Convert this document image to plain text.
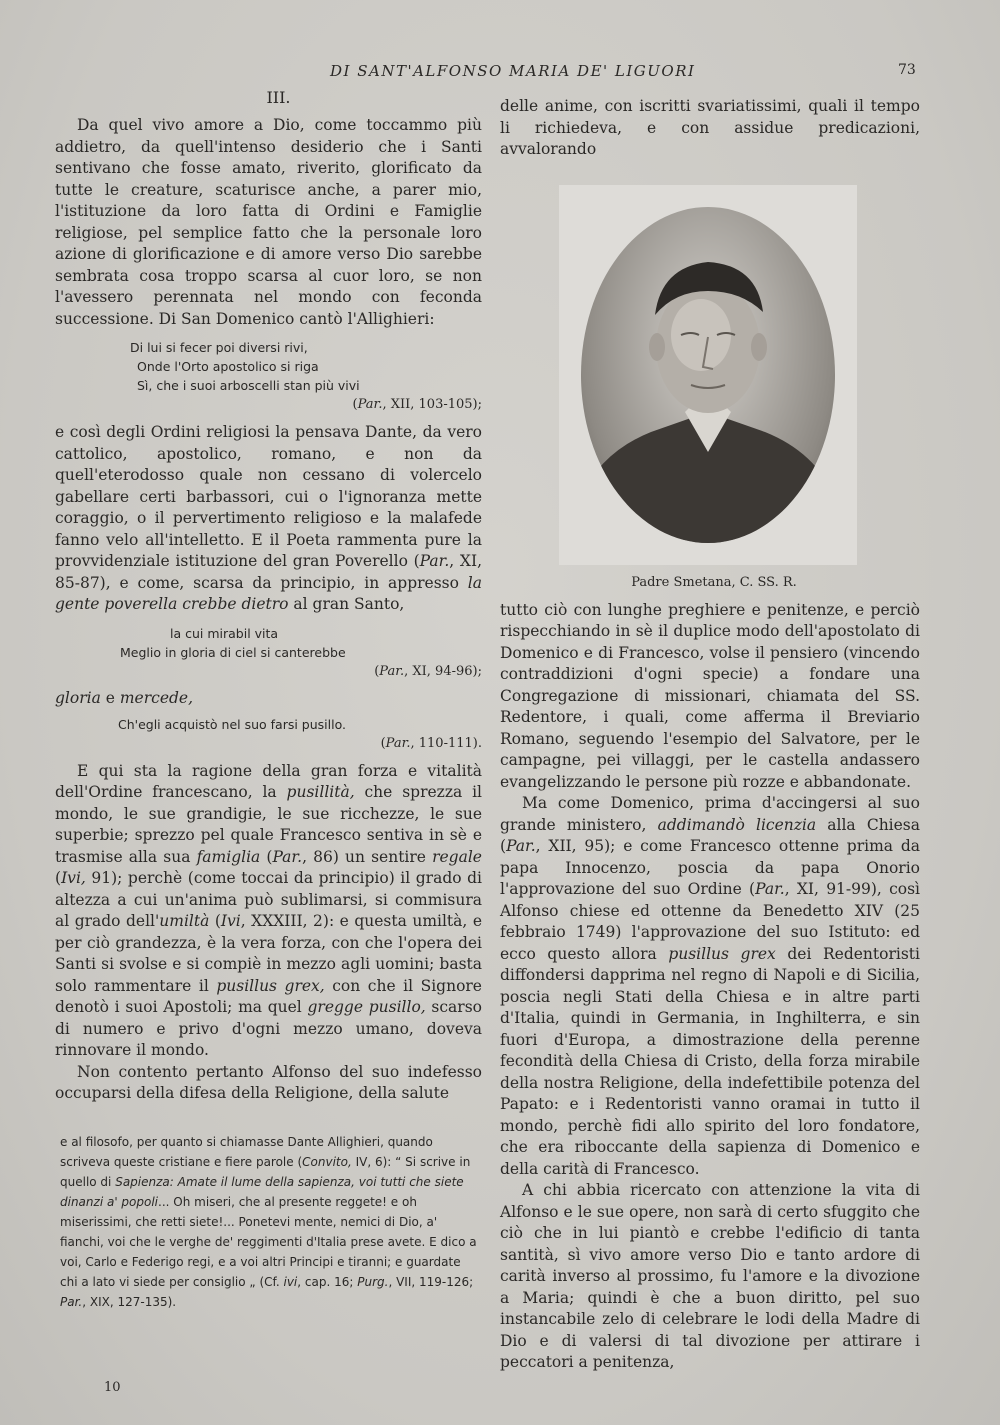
DI SANT'ALFONSO MARIA DE' LIGUORI	73
III.

Da quel vivo amore a Dio, come toccammo più addietro, da quell'intenso desiderio che i Santi sentivano che fosse amato, riverito, glorificato da tutte le creature, scaturisce anche, a parer mio, l'istituzione da loro fatta di Ordini e Famiglie religiose, pel semplice fatto che la personale loro azione di glorificazione e di amore verso Dio sarebbe sembrata cosa troppo scarsa al cuor loro, se non l'avessero perennata nel mondo con feconda successione. Di San Domenico cantò l'Allighieri:

Di lui si fecer poi diversi rivi,
Onde l'Orto apostolico si riga
Sì, che i suoi arboscelli stan più vivi
(Par., XII, 103-105);

e così degli Ordini religiosi la pensava Dante, da vero cattolico, apostolico, romano, e non da quell'eterodosso quale non cessano di volercelo gabellare certi barbassori, cui o l'ignoranza mette coraggio, o il pervertimento religioso e la malafede fanno velo all'intelletto. E il Poeta rammenta pure la provvidenziale istituzione del gran Poverello (Par., XI, 85-87), e come, scarsa da principio, in appresso la gente poverella crebbe dietro al gran Santo,

la cui mirabil vita
Meglio in gloria di ciel si canterebbe
(Par., XI, 94-96);
gloria e mercede,
Ch'egli acquistò nel suo farsi pusillo.
(Par., 110-111).

E qui sta la ragione della gran forza e vitalità dell'Ordine francescano, la pusillità, che sprezza il mondo, le sue grandigie, le sue ricchezze, le sue superbie; sprezzo pel quale Francesco sentiva in sè e trasmise alla sua famiglia (Par., 86) un sentire regale (Ivi, 91); perchè (come toccai da principio) il grado di altezza a cui un'anima può sublimarsi, si commisura al grado dell'umiltà (Ivi, XXXIII, 2): e questa umiltà, e per ciò grandezza, è la vera forza, con che l'opera dei Santi si svolse e si compiè in mezzo agli uomini; basta solo rammentare il pusillus grex, con che il Signore denotò i suoi Apostoli; ma quel gregge pusillo, scarso di numero e privo d'ogni mezzo umano, doveva rinnovare il mondo.

Non contento pertanto Alfonso del suo indefesso occuparsi della difesa della Religione, della salute

delle anime, con iscritti svariatissimi, quali il tempo li richiedeva, e con assidue predicazioni, avvalorando

Padre Smetana, C. SS. R.

tutto ciò con lunghe preghiere e penitenze, e perciò rispecchiando in sè il duplice modo dell'apostolato di Domenico e di Francesco, volse il pensiero (vincendo contraddizioni d'ogni specie) a fondare una Congregazione di missionari, chiamata del SS. Redentore, i quali, come afferma il Breviario Romano, seguendo l'esempio del Salvatore, per le campagne, pei villaggi, per le castella andassero evangelizzando le persone più rozze e abbandonate.

Ma come Domenico, prima d'accingersi al suo grande ministero, addimandò licenzia alla Chiesa (Par., XII, 95); e come Francesco ottenne prima da papa Innocenzo, poscia da papa Onorio l'approvazione del suo Ordine (Par., XI, 91-99), così Alfonso chiese ed ottenne da Benedetto XIV (25 febbraio 1749) l'approvazione del suo Istituto: ed ecco questo allora pusillus grex dei Redentoristi diffondersi dapprima nel regno di Napoli e di Sicilia, poscia negli Stati della Chiesa e in altre parti d'Italia, quindi in Germania, in Inghilterra, e sin fuori d'Europa, a dimostrazione della perenne fecondità della Chiesa di Cristo, della forza mirabile della nostra Religione, della indefettibile potenza del Papato: e i Redentoristi vanno oramai in tutto il mondo, perchè fidi allo spirito del loro fondatore, che era riboccante della sapienza di Domenico e della carità di Francesco.

A chi abbia ricercato con attenzione la vita di Alfonso e le sue opere, non sarà di certo sfuggito che ciò che in lui piantò e crebbe l'edificio di tanta santità, sì vivo amore verso Dio e tanto ardore di carità inverso al prossimo, fu l'amore e la divozione a Maria; quindi è che a buon diritto, pel suo instancabile zelo di celebrare le lodi della Madre di Dio e di valersi di tal divozione per attirare i peccatori a penitenza,

e al filosofo, per quanto si chiamasse Dante Allighieri, quando scriveva queste cristiane e fiere parole (Convito, IV, 6): “ Si scrive in quello di Sapienza: Amate il lume della sapienza, voi tutti che siete dinanzi a' popoli... Oh miseri, che al presente reggete! e oh miserissimi, che retti siete!... Ponetevi mente, nemici di Dio, a' fianchi, voi che le verghe de' reggimenti d'Italia prese avete. E dico a voi, Carlo e Federigo regi, e a voi altri Principi e tiranni; e guardate chi a lato vi siede per consiglio „ (Cf. ivi, cap. 16; Purg., VII, 119-126; Par., XIX, 127-135).
10
